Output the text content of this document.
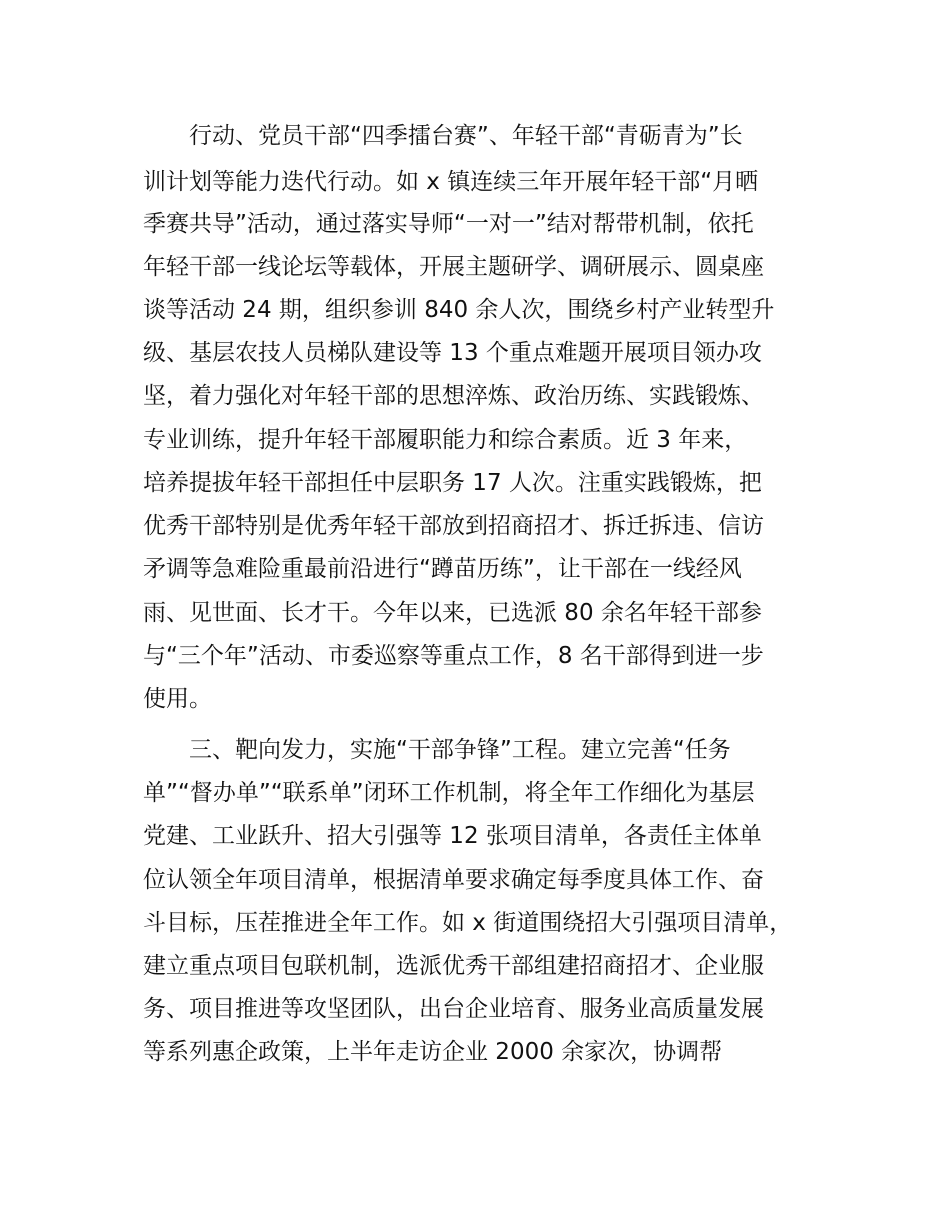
行动、党员干部“四季擂台赛”、年轻干部“青砺青为”长
训计划等能力迭代行动。如 x 镇连续三年开展年轻干部“月晒
季赛共导”活动，通过落实导师“一对一”结对帮带机制，依托
年轻干部一线论坛等载体，开展主题研学、调研展示、圆桌座
谈等活动 24 期，组织参训 840 余人次，围绕乡村产业转型升
级、基层农技人员梯队建设等 13 个重点难题开展项目领办攻
坚，着力强化对年轻干部的思想淬炼、政治历练、实践锻炼、
专业训练，提升年轻干部履职能力和综合素质。近 3 年来，
培养提拔年轻干部担任中层职务 17 人次。注重实践锻炼，把
优秀干部特别是优秀年轻干部放到招商招才、拆迁拆违、信访
矛调等急难险重最前沿进行“蹲苗历练”，让干部在一线经风
雨、见世面、长才干。今年以来，已选派 80 余名年轻干部参
与“三个年”活动、市委巡察等重点工作，8 名干部得到进一步
使用。
三、靶向发力，实施“干部争锋”工程。建立完善“任务
单”“督办单”“联系单”闭环工作机制，将全年工作细化为基层
党建、工业跃升、招大引强等 12 张项目清单，各责任主体单
位认领全年项目清单，根据清单要求确定每季度具体工作、奋
斗目标，压茬推进全年工作。如 x 街道围绕招大引强项目清单，
建立重点项目包联机制，选派优秀干部组建招商招才、企业服
务、项目推进等攻坚团队，出台企业培育、服务业高质量发展
等系列惠企政策，上半年走访企业 2000 余家次，协调帮
